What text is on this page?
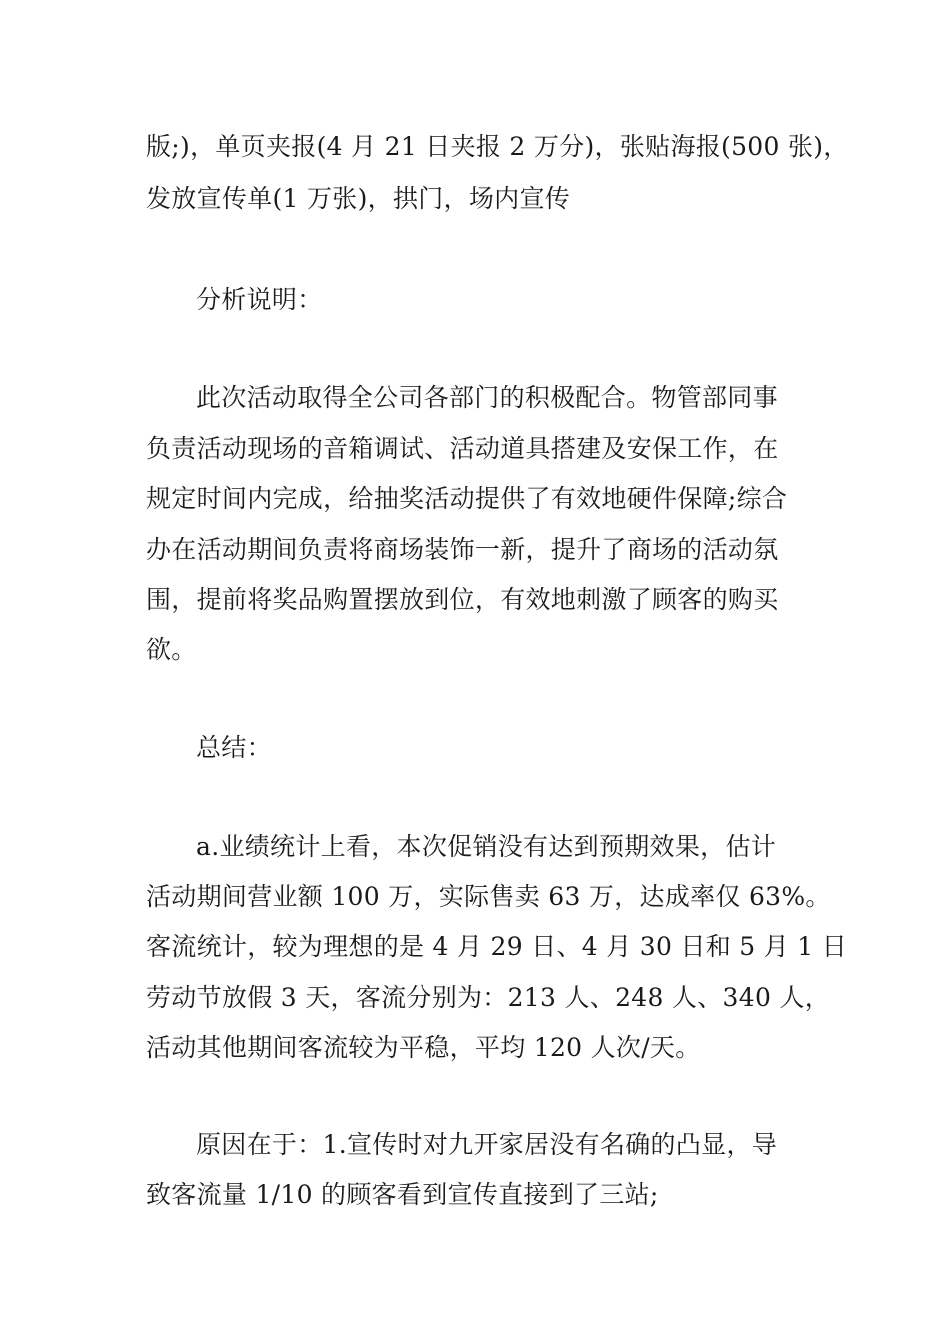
版;)，单页夹报(4 月 21 日夹报 2 万分)，张贴海报(500 张)，
发放宣传单(1 万张)，拱门，场内宣传
分析说明：
此次活动取得全公司各部门的积极配合。物管部同事
负责活动现场的音箱调试、活动道具搭建及安保工作，在
规定时间内完成，给抽奖活动提供了有效地硬件保障;综合
办在活动期间负责将商场装饰一新，提升了商场的活动氛
围，提前将奖品购置摆放到位，有效地刺激了顾客的购买
欲。
总结：
a.业绩统计上看，本次促销没有达到预期效果，估计
活动期间营业额 100 万，实际售卖 63 万，达成率仅 63%。
客流统计，较为理想的是 4 月 29 日、4 月 30 日和 5 月 1 日
劳动节放假 3 天，客流分别为：213 人、248 人、340 人，
活动其他期间客流较为平稳，平均 120 人次/天。
原因在于：1.宣传时对九开家居没有名确的凸显，导
致客流量 1/10 的顾客看到宣传直接到了三站;
